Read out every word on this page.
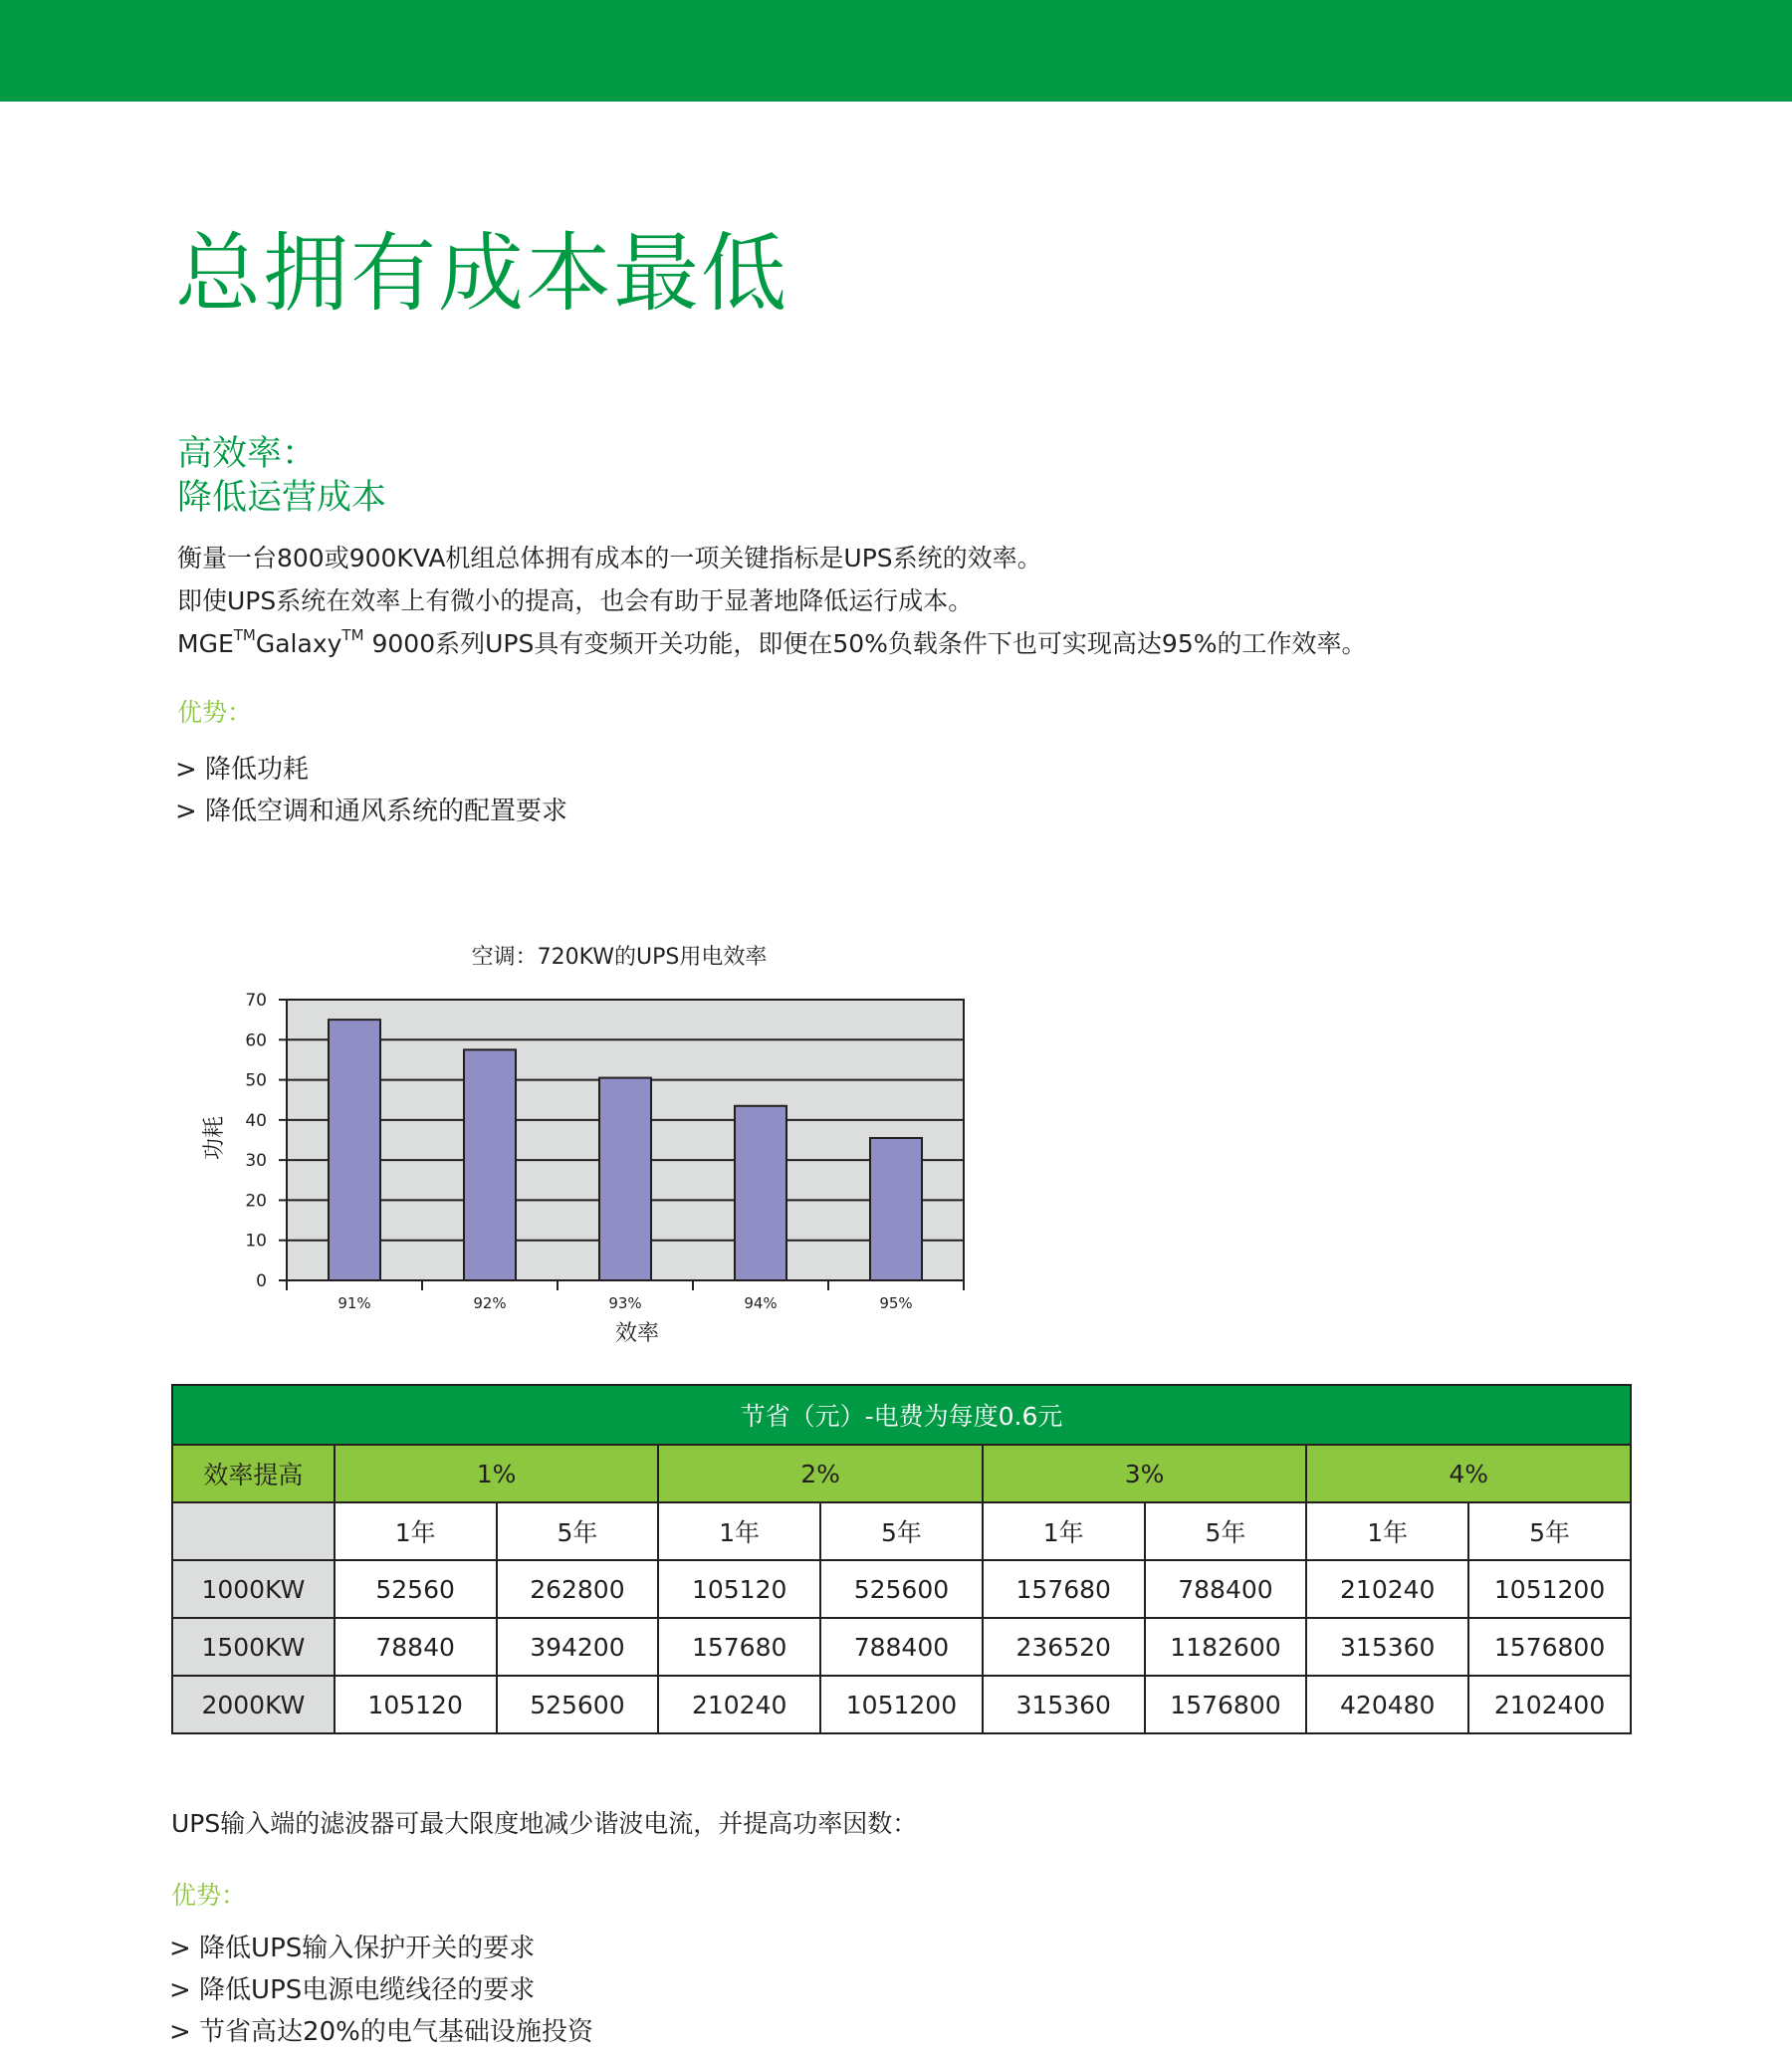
总拥有成本最低
高效率：
降低运营成本

衡量一台800或900KVA机组总体拥有成本的一项关键指标是UPS系统的效率。

即使UPS系统在效率上有微小的提高，也会有助于显著地降低运行成本。

MGE™Galaxy™ 9000系列UPS具有变频开关功能，即便在50%负载条件下也可实现高达95%的工作效率。

优势：
> 降低功耗
> 降低空调和通风系统的配置要求
空调：720KW的UPS用电效率
0
10
20
30
40
50
60
70
91%	92%	93%	94%	95%
效率
功耗
节省（元）-电费为每度0.6元								
效率提高	1%		2%		3%		4%	
	1年	5年	1年	5年	1年	5年	1年	5年
1000KW	52560	262800	105120	525600	157680	788400	210240	1051200
1500KW	78840	394200	157680	788400	236520	1182600	315360	1576800
2000KW	105120	525600	210240	1051200	315360	1576800	420480	2102400
UPS输入端的滤波器可最大限度地减少谐波电流，并提高功率因数：
优势：
> 降低UPS输入保护开关的要求
> 降低UPS电源电缆线径的要求
> 节省高达20%的电气基础设施投资
